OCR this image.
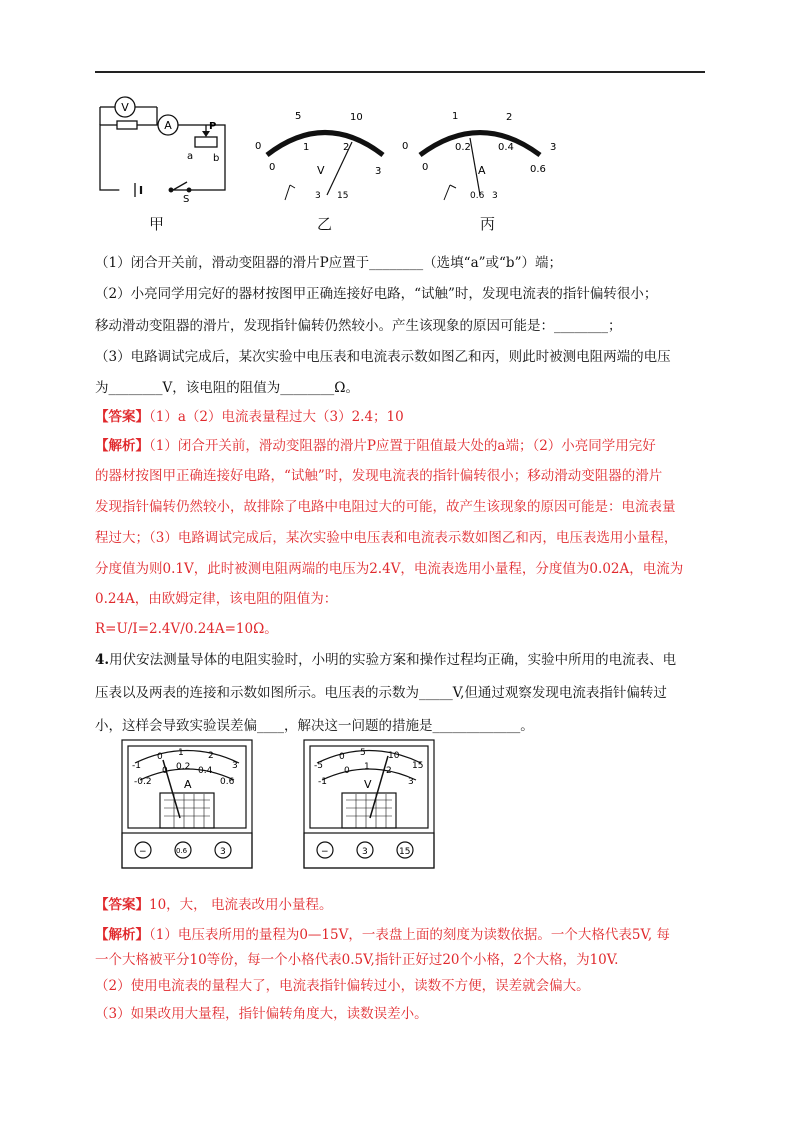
V
A	P
a b
S
甲
5	10
0
0
1	2
3
V
3 15
乙
1	2
0
0
0.2	0.4
0.6
3
A
0.6 3
丙
（1）闭合开关前，滑动变阻器的滑片P应置于________（选填“a”或“b”）端；
（2）小亮同学用完好的器材按图甲正确连接好电路，“试触”时，发现电流表的指针偏转很小；
移动滑动变阻器的滑片，发现指针偏转仍然较小。产生该现象的原因可能是：________；
（3）电路调试完成后，某次实验中电压表和电流表示数如图乙和丙，则此时被测电阻两端的电压
为________V，该电阻的阻值为________Ω。
【答案】（1）a（2）电流表量程过大（3）2.4；10
【解析】（1）闭合开关前，滑动变阻器的滑片P应置于阻值最大处的a端；（2）小亮同学用完好
的器材按图甲正确连接好电路，“试触”时，发现电流表的指针偏转很小；移动滑动变阻器的滑片
发现指针偏转仍然较小，故排除了电路中电阻过大的可能，故产生该现象的原因可能是：电流表量
程过大；（3）电路调试完成后，某次实验中电压表和电流表示数如图乙和丙，电压表选用小量程，
分度值为则0.1V，此时被测电阻两端的电压为2.4V，电流表选用小量程，分度值为0.02A，电流为
0.24A，由欧姆定律，该电阻的阻值为：
R=U/I=2.4V/0.24A=10Ω。
4.用伏安法测量导体的电阻实验时，小明的实验方案和操作过程均正确，实验中所用的电流表、电
压表以及两表的连接和示数如图所示。电压表的示数为_____V,但通过观察发现电流表指针偏转过
小，这样会导致实验误差偏____，解决这一问题的措施是_____________。
-1
0 1	2
3
-0.2
0 0.2 0.4
0.6
A
−	0.6	3
-5
0 5 10
15
-1
0 1 2
3
V
−	3	15
【答案】10，大， 电流表改用小量程。
【解析】（1）电压表所用的量程为0—15V，一表盘上面的刻度为读数依据。一个大格代表5V, 每
一个大格被平分10等份，每一个小格代表0.5V,指针正好过20个小格，2个大格，为10V.
（2）使用电流表的量程大了，电流表指针偏转过小，读数不方便，误差就会偏大。
（3）如果改用大量程，指针偏转角度大，读数误差小。
